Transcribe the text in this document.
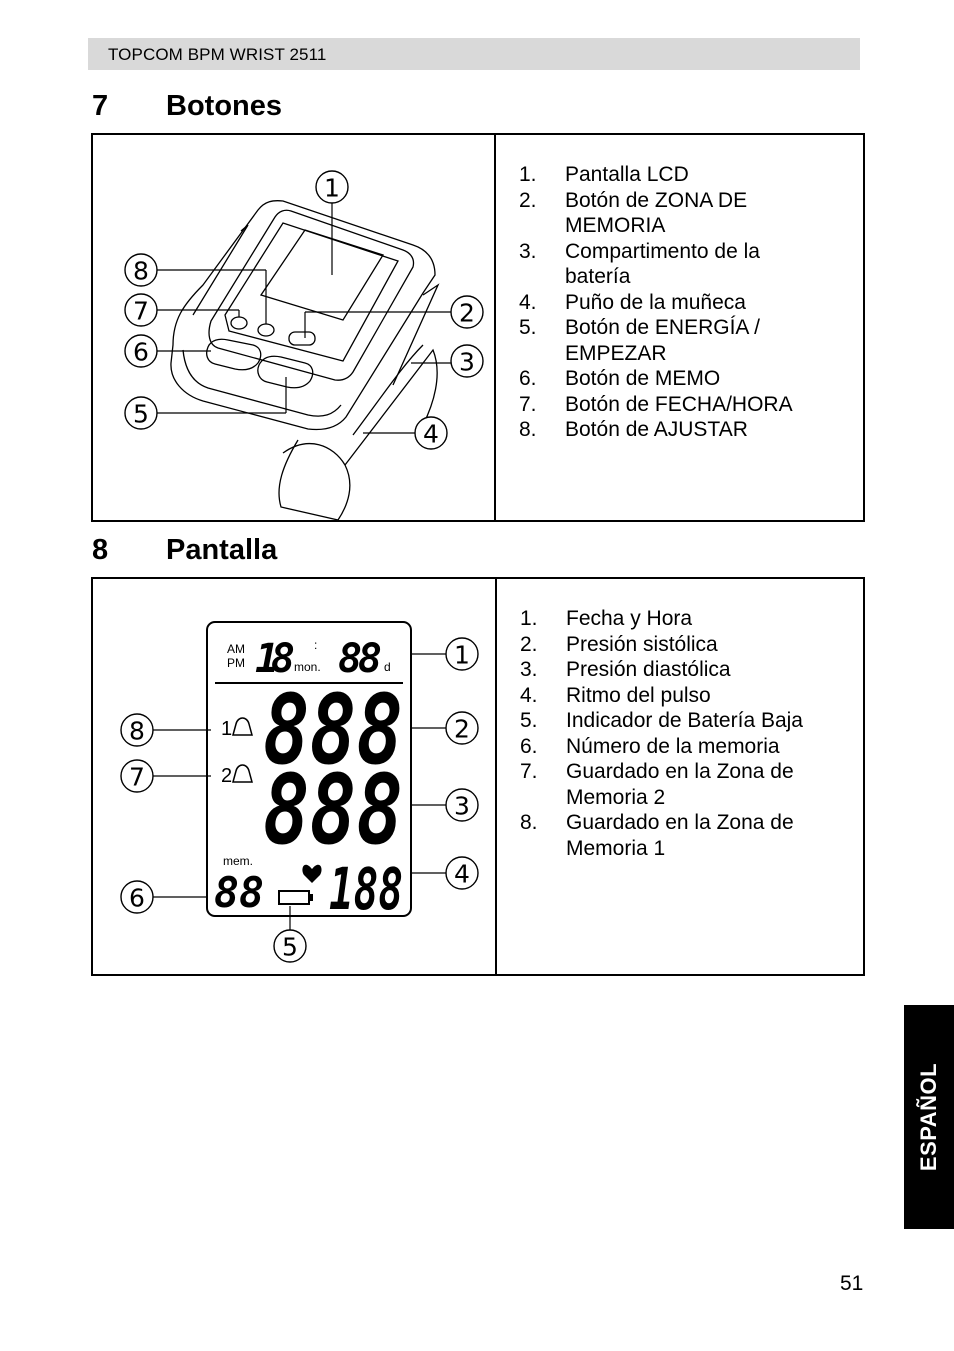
TOPCOM BPM WRIST 2511
7 Botones
1
2
3
4
5
6
7
8
1. Pantalla LCD
2. Botón de ZONA DE MEMORIA
3. Compartimento de la batería
4. Puño de la muñeca
5. Botón de ENERGÍA / EMPEZAR
6. Botón de MEMO
7. Botón de FECHA/HORA
8. Botón de AJUSTAR
8 Pantalla
AM
PM 18 mon.
: 88 d
1
2 888
888
mem.
88 188
1
2
3
4
5
6
7
8
1. Fecha y Hora
2. Presión sistólica
3. Presión diastólica
4. Ritmo del pulso
5. Indicador de Batería Baja
6. Número de la memoria
7. Guardado en la Zona de Memoria 2
8. Guardado en la Zona de Memoria 1
ESPAÑOL
51
